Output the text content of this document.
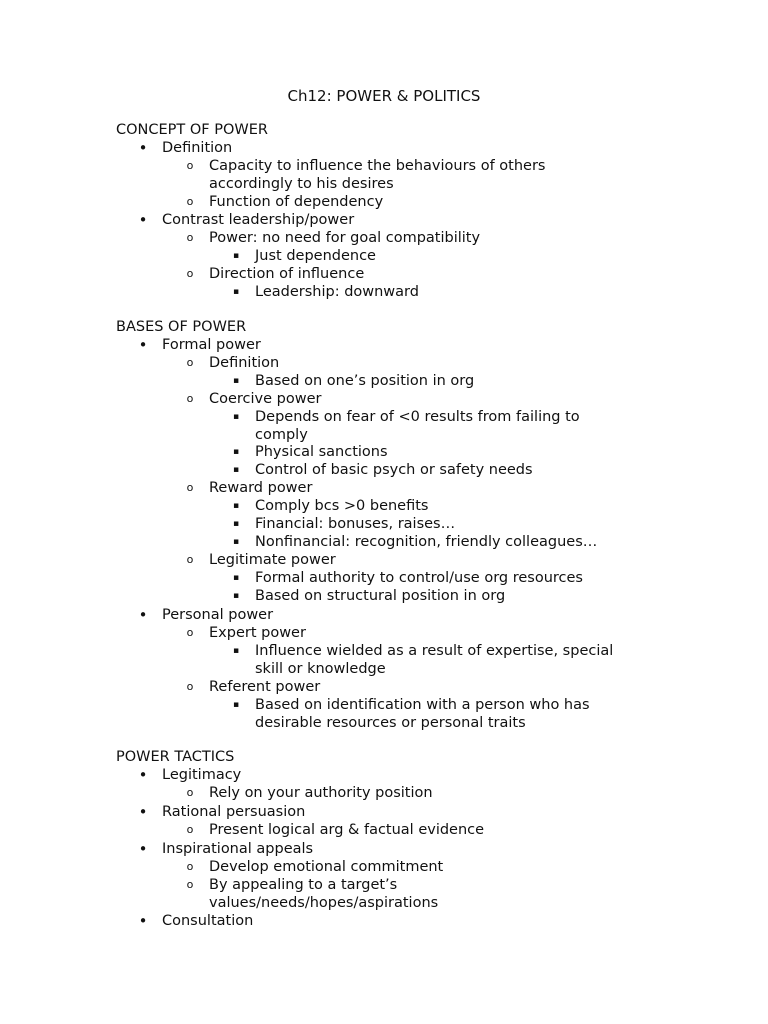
Ch12: POWER & POLITICS
CONCEPT OF POWER
• Definition
o	Capacity to influence the behaviours of others
accordingly to his desires
o	Function of dependency
• Contrast leadership/power
o	Power: no need for goal compatibility
▪	Just dependence
o	Direction of influence
▪	Leadership: downward
BASES OF POWER
• Formal power
o	Definition
▪	Based on one’s position in org
o	Coercive power
▪	Depends on fear of <0 results from failing to
comply
▪	Physical sanctions
▪	Control of basic psych or safety needs
o	Reward power
▪	Comply bcs >0 benefits
▪	Financial: bonuses, raises…
▪	Nonfinancial: recognition, friendly colleagues…
o	Legitimate power
▪	Formal authority to control/use org resources
▪	Based on structural position in org
• Personal power
o	Expert power
▪	Influence wielded as a result of expertise, special
skill or knowledge
o	Referent power
▪	Based on identification with a person who has
desirable resources or personal traits
POWER TACTICS
• Legitimacy
o	Rely on your authority position
• Rational persuasion
o	Present logical arg & factual evidence
• Inspirational appeals
o	Develop emotional commitment
o	By appealing to a target’s
values/needs/hopes/aspirations
• Consultation
